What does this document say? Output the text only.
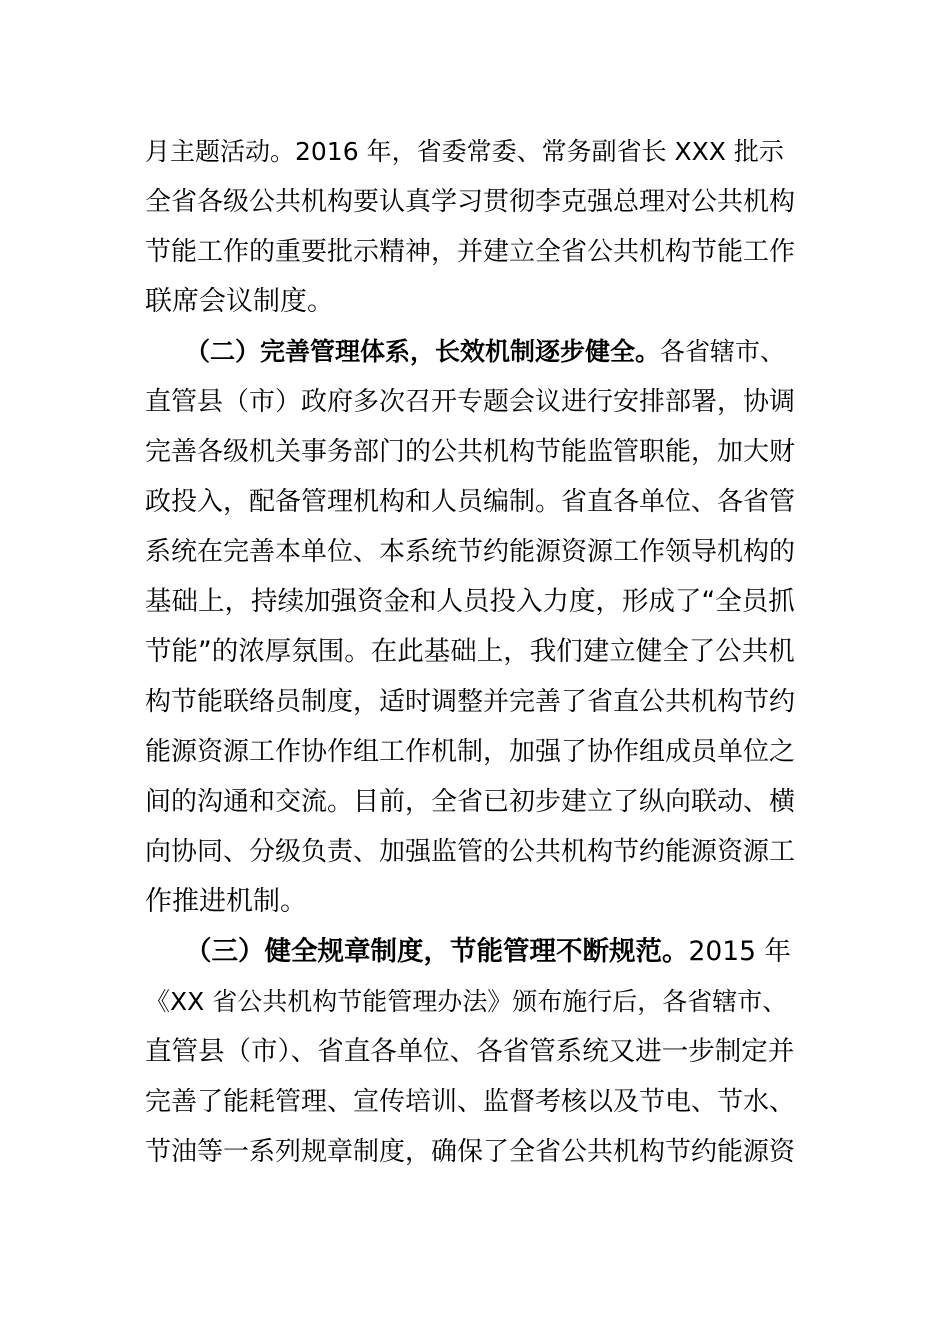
月主题活动。2016 年，省委常委、常务副省长 XXX 批示
全省各级公共机构要认真学习贯彻李克强总理对公共机构
节能工作的重要批示精神，并建立全省公共机构节能工作
联席会议制度。
（二）完善管理体系，长效机制逐步健全。各省辖市、
直管县（市）政府多次召开专题会议进行安排部署，协调
完善各级机关事务部门的公共机构节能监管职能，加大财
政投入，配备管理机构和人员编制。省直各单位、各省管
系统在完善本单位、本系统节约能源资源工作领导机构的
基础上，持续加强资金和人员投入力度，形成了“全员抓
节能”的浓厚氛围。在此基础上，我们建立健全了公共机
构节能联络员制度，适时调整并完善了省直公共机构节约
能源资源工作协作组工作机制，加强了协作组成员单位之
间的沟通和交流。目前，全省已初步建立了纵向联动、横
向协同、分级负责、加强监管的公共机构节约能源资源工
作推进机制。
（三）健全规章制度，节能管理不断规范。2015 年
《XX 省公共机构节能管理办法》颁布施行后，各省辖市、
直管县（市）、省直各单位、各省管系统又进一步制定并
完善了能耗管理、宣传培训、监督考核以及节电、节水、
节油等一系列规章制度，确保了全省公共机构节约能源资
